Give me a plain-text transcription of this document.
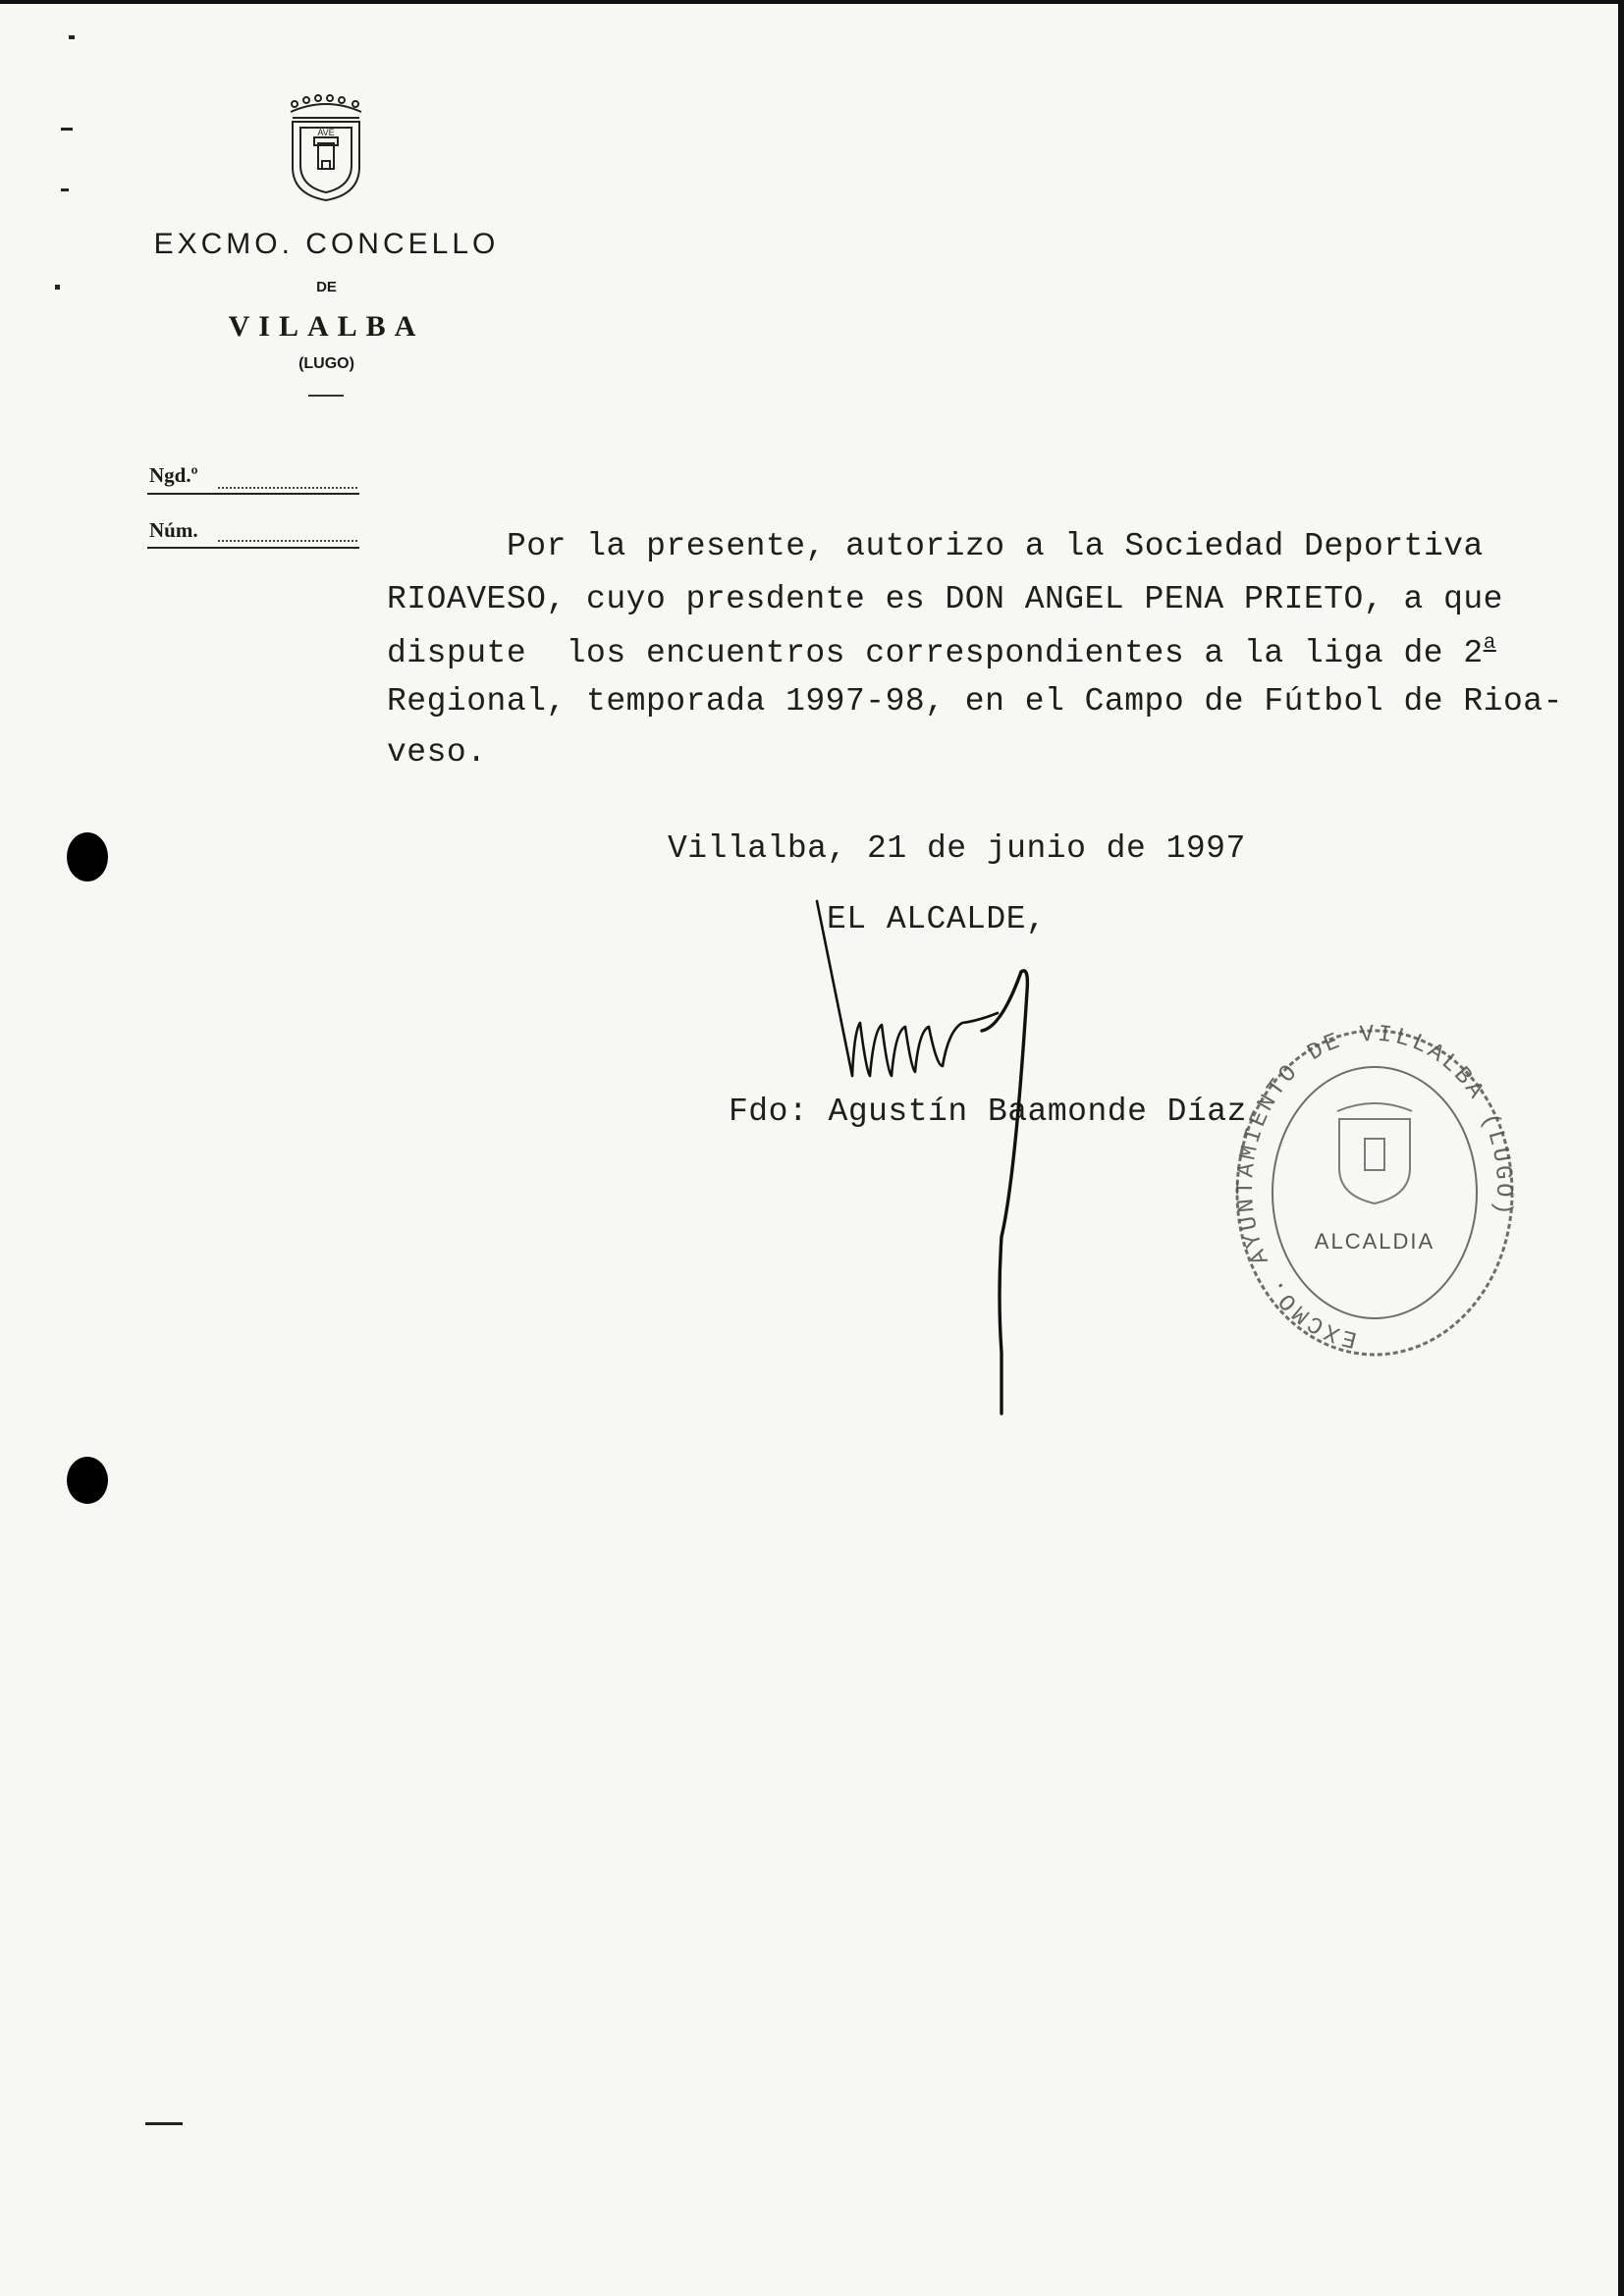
AVE
EXCMO. CONCELLO
DE
VILALBA
(LUGO)
Ngd.º
Núm.	Por la presente, autorizo a la Sociedad Deportiva
RIOAVESO, cuyo presdente es DON ANGEL PENA PRIETO, a que
dispute  los encuentros correspondientes a la liga de 2$^a$
Regional, temporada 1997-98, en el Campo de Fútbol de Rioa-
veso.
Villalba, 21 de junio de 1997
EL ALCALDE,
Fdo: Agustín Baamonde Díaz
EXCMO. AYUNTAMIENTO DE VILLALBA (LUGO)
ALCALDIA
